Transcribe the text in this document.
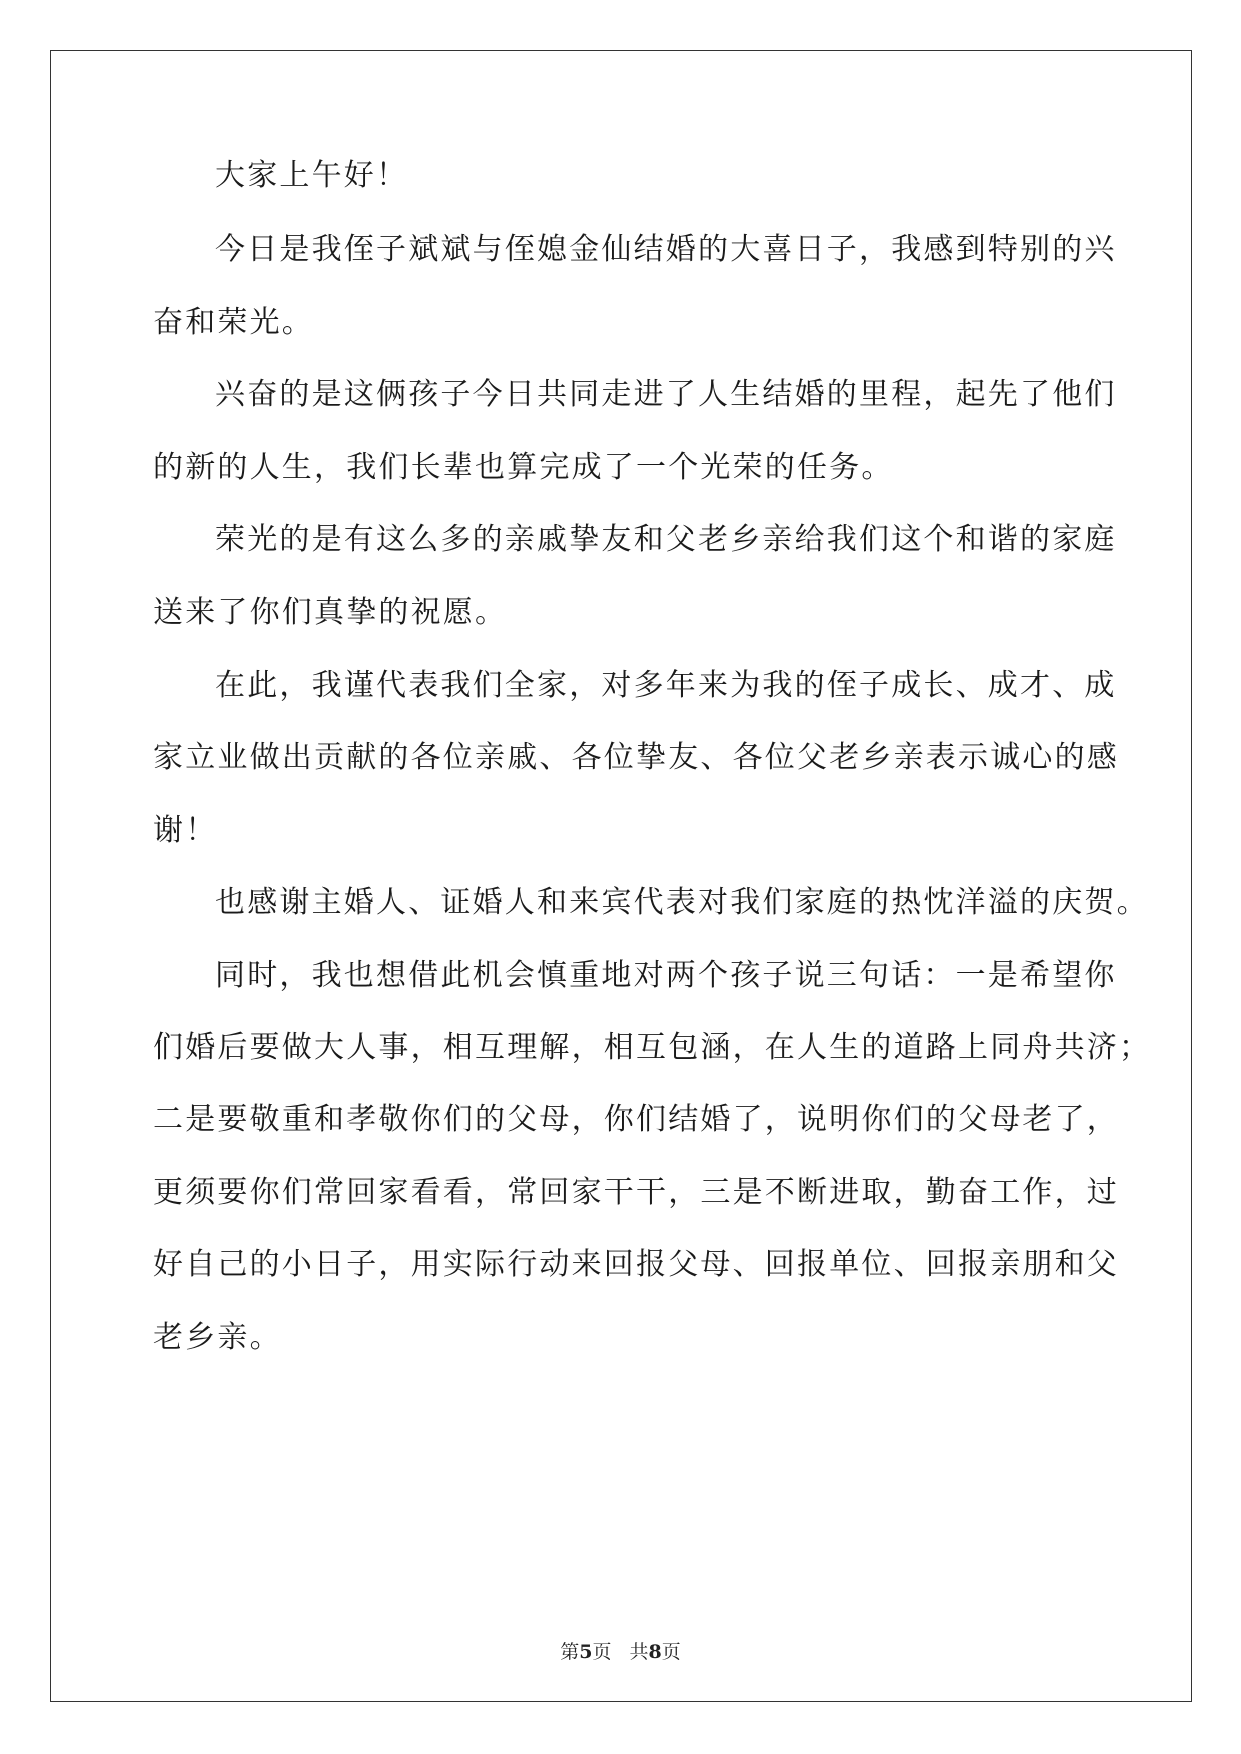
大家上午好！
今日是我侄子斌斌与侄媳金仙结婚的大喜日子，我感到特别的兴
奋和荣光。
兴奋的是这俩孩子今日共同走进了人生结婚的里程，起先了他们
的新的人生，我们长辈也算完成了一个光荣的任务。
荣光的是有这么多的亲戚挚友和父老乡亲给我们这个和谐的家庭
送来了你们真挚的祝愿。
在此，我谨代表我们全家，对多年来为我的侄子成长、成才、成
家立业做出贡献的各位亲戚、各位挚友、各位父老乡亲表示诚心的感
谢！
也感谢主婚人、证婚人和来宾代表对我们家庭的热忱洋溢的庆贺。
同时，我也想借此机会慎重地对两个孩子说三句话：一是希望你
们婚后要做大人事，相互理解，相互包涵，在人生的道路上同舟共济；
二是要敬重和孝敬你们的父母，你们结婚了，说明你们的父母老了，
更须要你们常回家看看，常回家干干，三是不断进取，勤奋工作，过
好自己的小日子，用实际行动来回报父母、回报单位、回报亲朋和父
老乡亲。
第5页 共8页
